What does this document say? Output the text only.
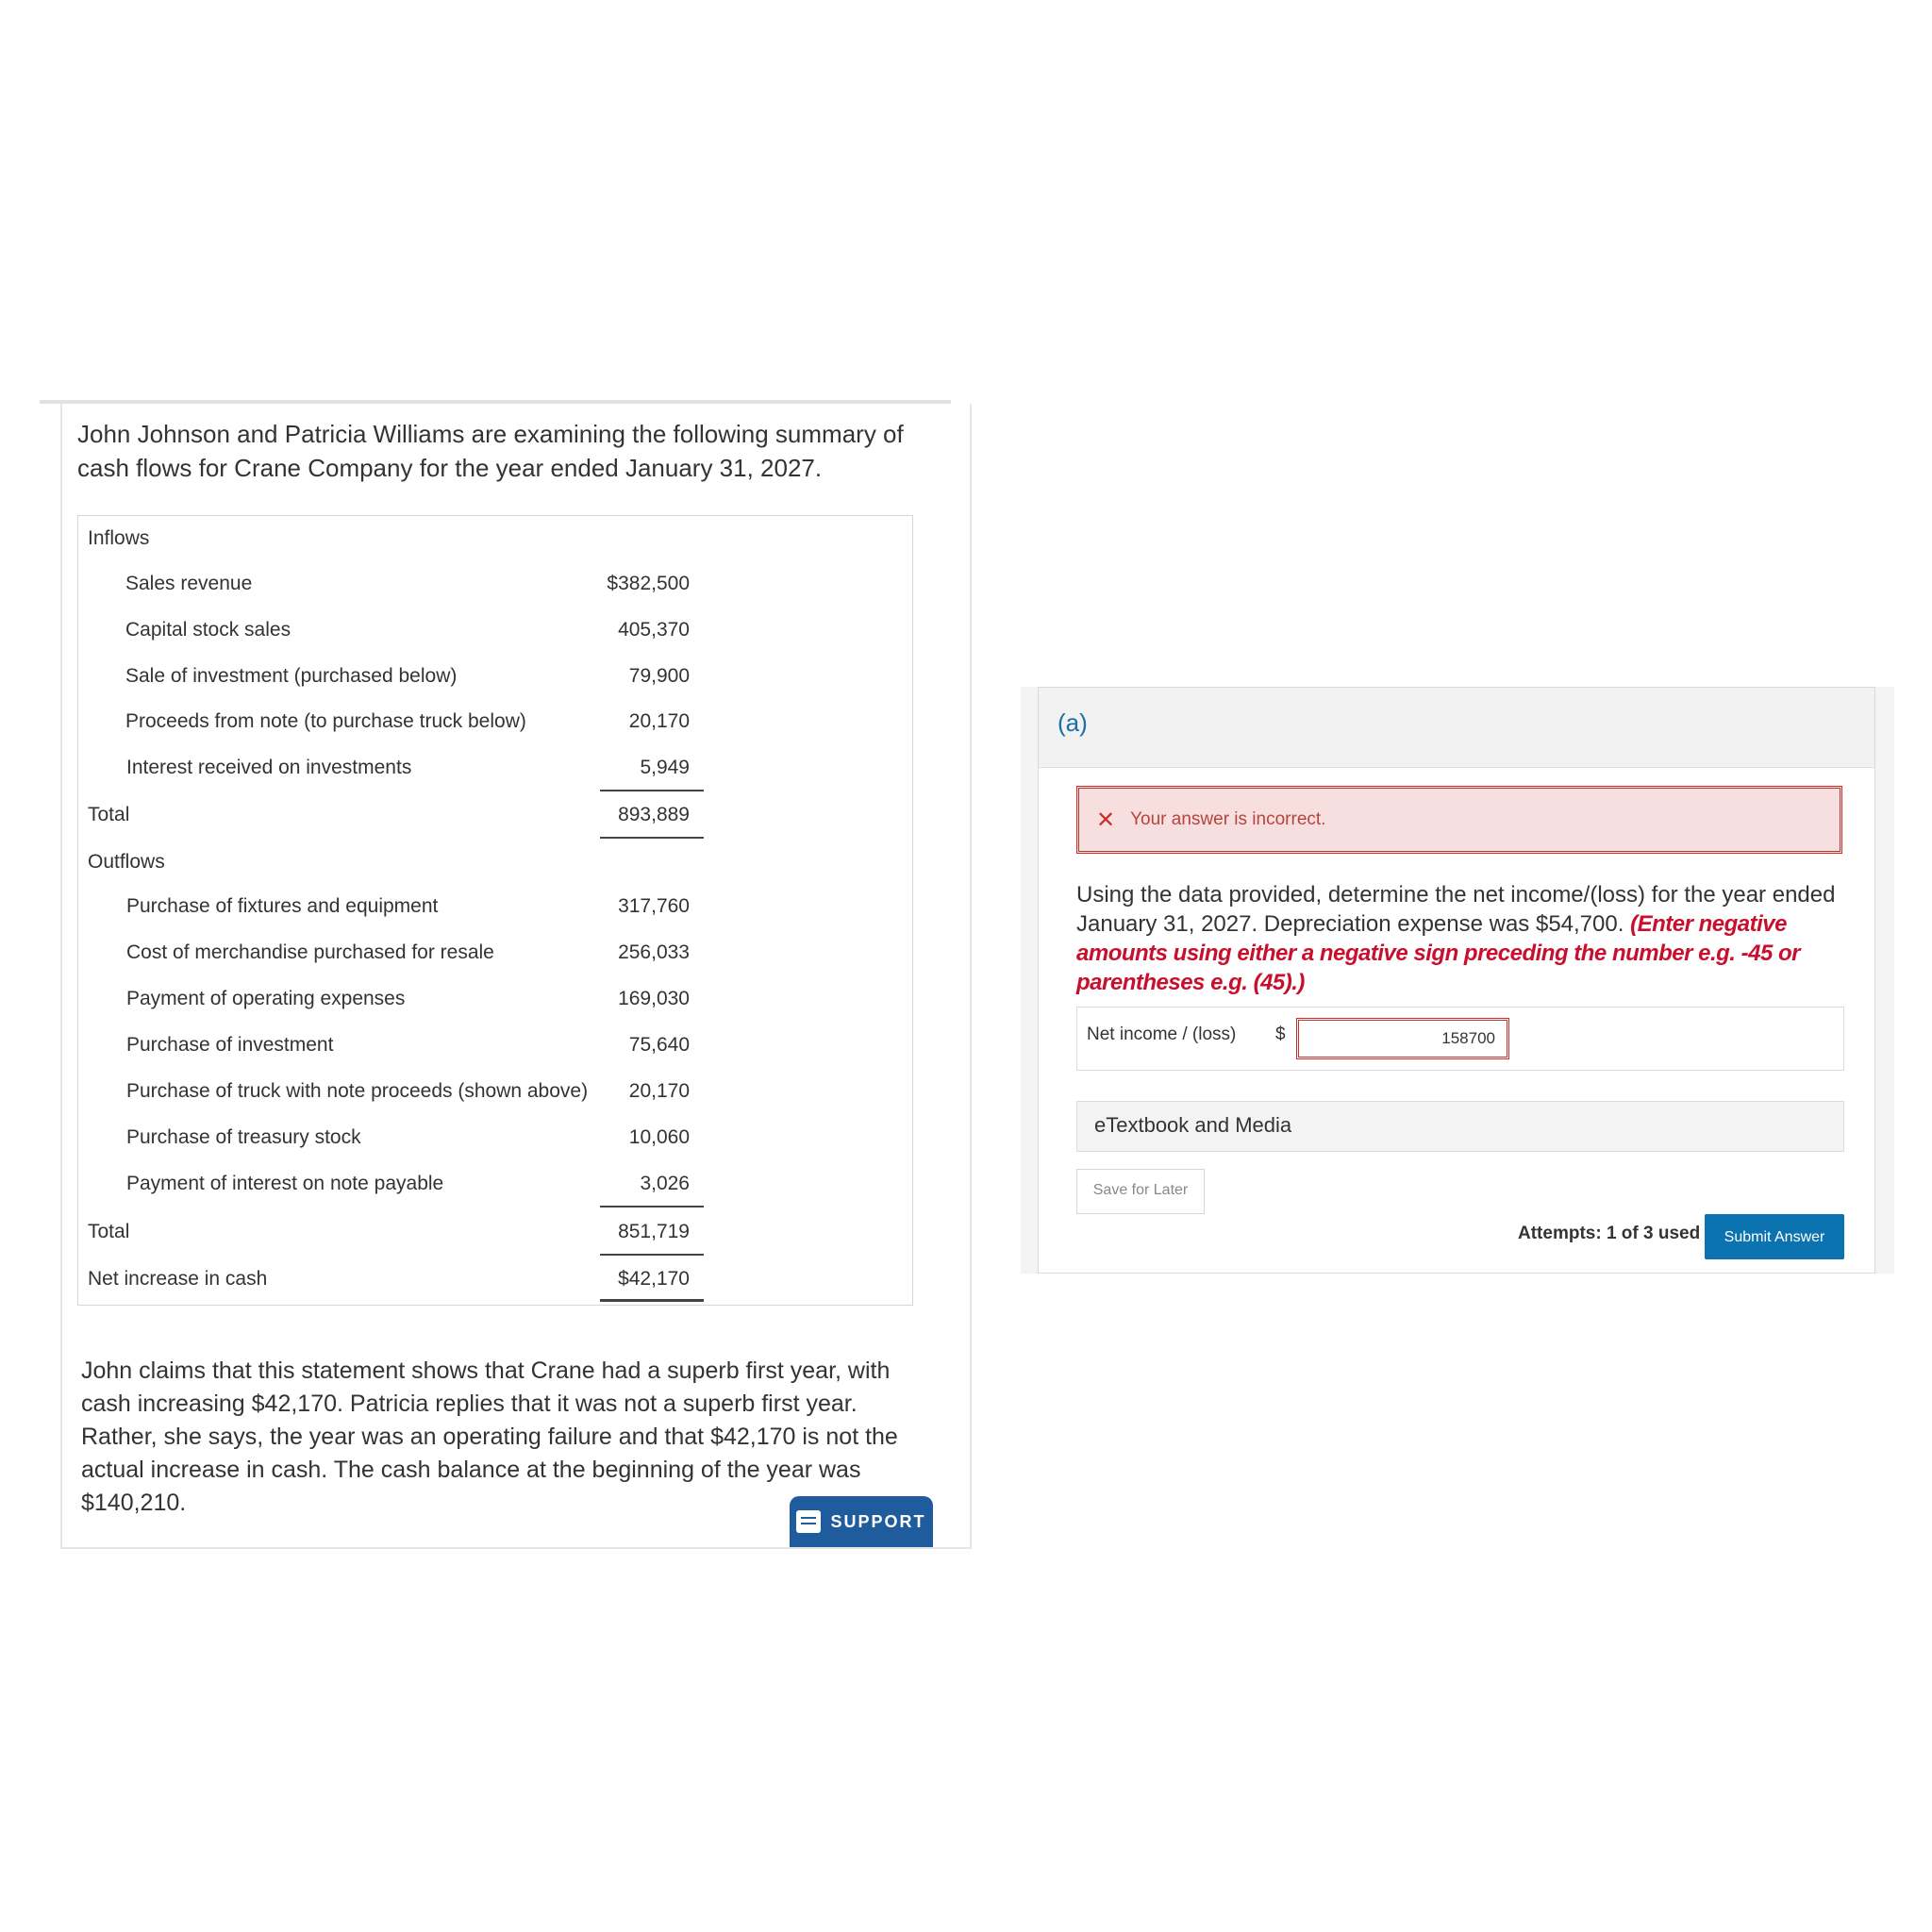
John Johnson and Patricia Williams are examining the following summary of cash flows for Crane Company for the year ended January 31, 2027.
Inflows
Sales revenue	$382,500
Capital stock sales	405,370
Sale of investment (purchased below)	79,900
Proceeds from note (to purchase truck below)	20,170
Interest received on investments	5,949
Total	893,889
Outflows
Purchase of fixtures and equipment	317,760
Cost of merchandise purchased for resale	256,033
Payment of operating expenses	169,030
Purchase of investment	75,640
Purchase of truck with note proceeds (shown above) 20,170
Purchase of treasury stock	10,060
Payment of interest on note payable	3,026
Total	851,719
Net increase in cash	$42,170
John claims that this statement shows that Crane had a superb first year, with cash increasing $42,170. Patricia replies that it was not a superb first year. Rather, she says, the year was an operating failure and that $42,170 is not the actual increase in cash. The cash balance at the beginning of the year was $140,210.
SUPPORT
(a)
✕ Your answer is incorrect.
Using the data provided, determine the net income/(loss) for the year ended January 31, 2027. Depreciation expense was $54,700. (Enter negative amounts using either a negative sign preceding the number e.g. -45 or parentheses e.g. (45).)
Net income / (loss) $
158700
eTextbook and Media
Save for Later
Attempts: 1 of 3 used	Submit Answer
